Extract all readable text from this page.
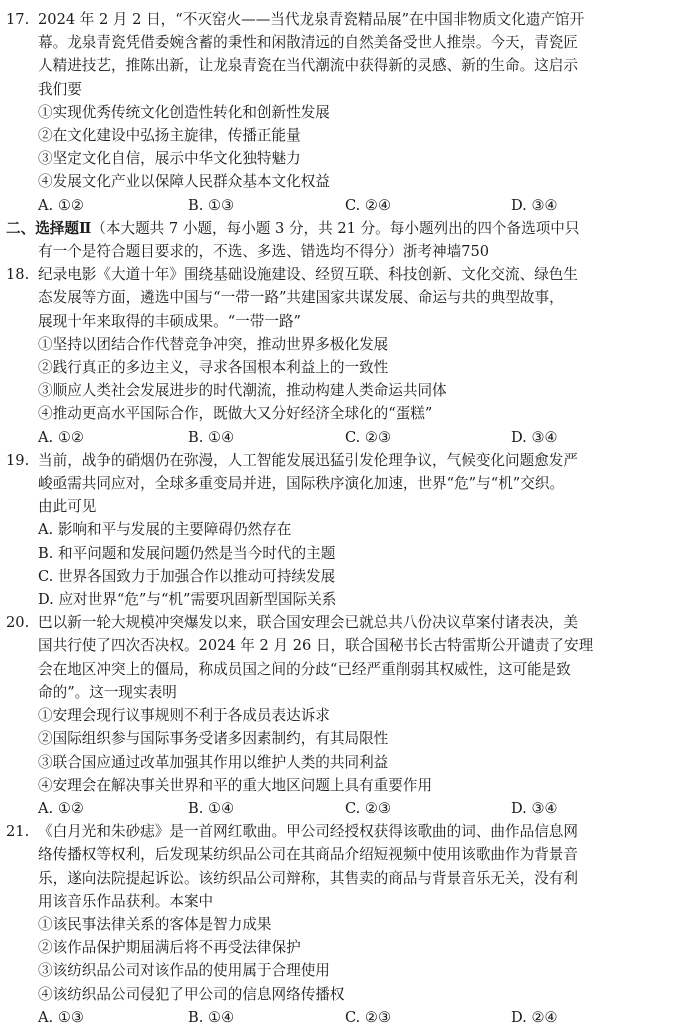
17. 2024 年 2 月 2 日，“不灭窑火——当代龙泉青瓷精品展”在中国非物质文化遗产馆开
幕。龙泉青瓷凭借委婉含蓄的秉性和闲散清远的自然美备受世人推崇。今天，青瓷匠
人精进技艺，推陈出新，让龙泉青瓷在当代潮流中获得新的灵感、新的生命。这启示
我们要
①实现优秀传统文化创造性转化和创新性发展
②在文化建设中弘扬主旋律，传播正能量
③坚定文化自信，展示中华文化独特魅力
④发展文化产业以保障人民群众基本文化权益
A. ①②	B. ①③	C. ②④	D. ③④
二、选择题Ⅱ（本大题共 7 小题，每小题 3 分，共 21 分。每小题列出的四个备选项中只
有一个是符合题目要求的，不选、多选、错选均不得分）浙考神墙750
18. 纪录电影《大道十年》围绕基础设施建设、经贸互联、科技创新、文化交流、绿色生
态发展等方面，遴选中国与“一带一路”共建国家共谋发展、命运与共的典型故事，
展现十年来取得的丰硕成果。“一带一路”
①坚持以团结合作代替竞争冲突，推动世界多极化发展
②践行真正的多边主义，寻求各国根本利益上的一致性
③顺应人类社会发展进步的时代潮流，推动构建人类命运共同体
④推动更高水平国际合作，既做大又分好经济全球化的“蛋糕”
A. ①②	B. ①④	C. ②③	D. ③④
19. 当前，战争的硝烟仍在弥漫，人工智能发展迅猛引发伦理争议，气候变化问题愈发严
峻亟需共同应对，全球多重变局并进，国际秩序演化加速，世界“危”与“机”交织。
由此可见
A. 影响和平与发展的主要障碍仍然存在
B. 和平问题和发展问题仍然是当今时代的主题
C. 世界各国致力于加强合作以推动可持续发展
D. 应对世界“危”与“机”需要巩固新型国际关系
20. 巴以新一轮大规模冲突爆发以来，联合国安理会已就总共八份决议草案付诸表决，美
国共行使了四次否决权。2024 年 2 月 26 日，联合国秘书长古特雷斯公开谴责了安理
会在地区冲突上的僵局，称成员国之间的分歧“已经严重削弱其权威性，这可能是致
命的”。这一现实表明
①安理会现行议事规则不利于各成员表达诉求
②国际组织参与国际事务受诸多因素制约，有其局限性
③联合国应通过改革加强其作用以维护人类的共同利益
④安理会在解决事关世界和平的重大地区问题上具有重要作用
A. ①②	B. ①④	C. ②③	D. ③④
21. 《白月光和朱砂痣》是一首网红歌曲。甲公司经授权获得该歌曲的词、曲作品信息网
络传播权等权利，后发现某纺织品公司在其商品介绍短视频中使用该歌曲作为背景音
乐，遂向法院提起诉讼。该纺织品公司辩称，其售卖的商品与背景音乐无关，没有利
用该音乐作品获利。本案中
①该民事法律关系的客体是智力成果
②该作品保护期届满后将不再受法律保护
③该纺织品公司对该作品的使用属于合理使用
④该纺织品公司侵犯了甲公司的信息网络传播权
A. ①③	B. ①④	C. ②③	D. ②④
